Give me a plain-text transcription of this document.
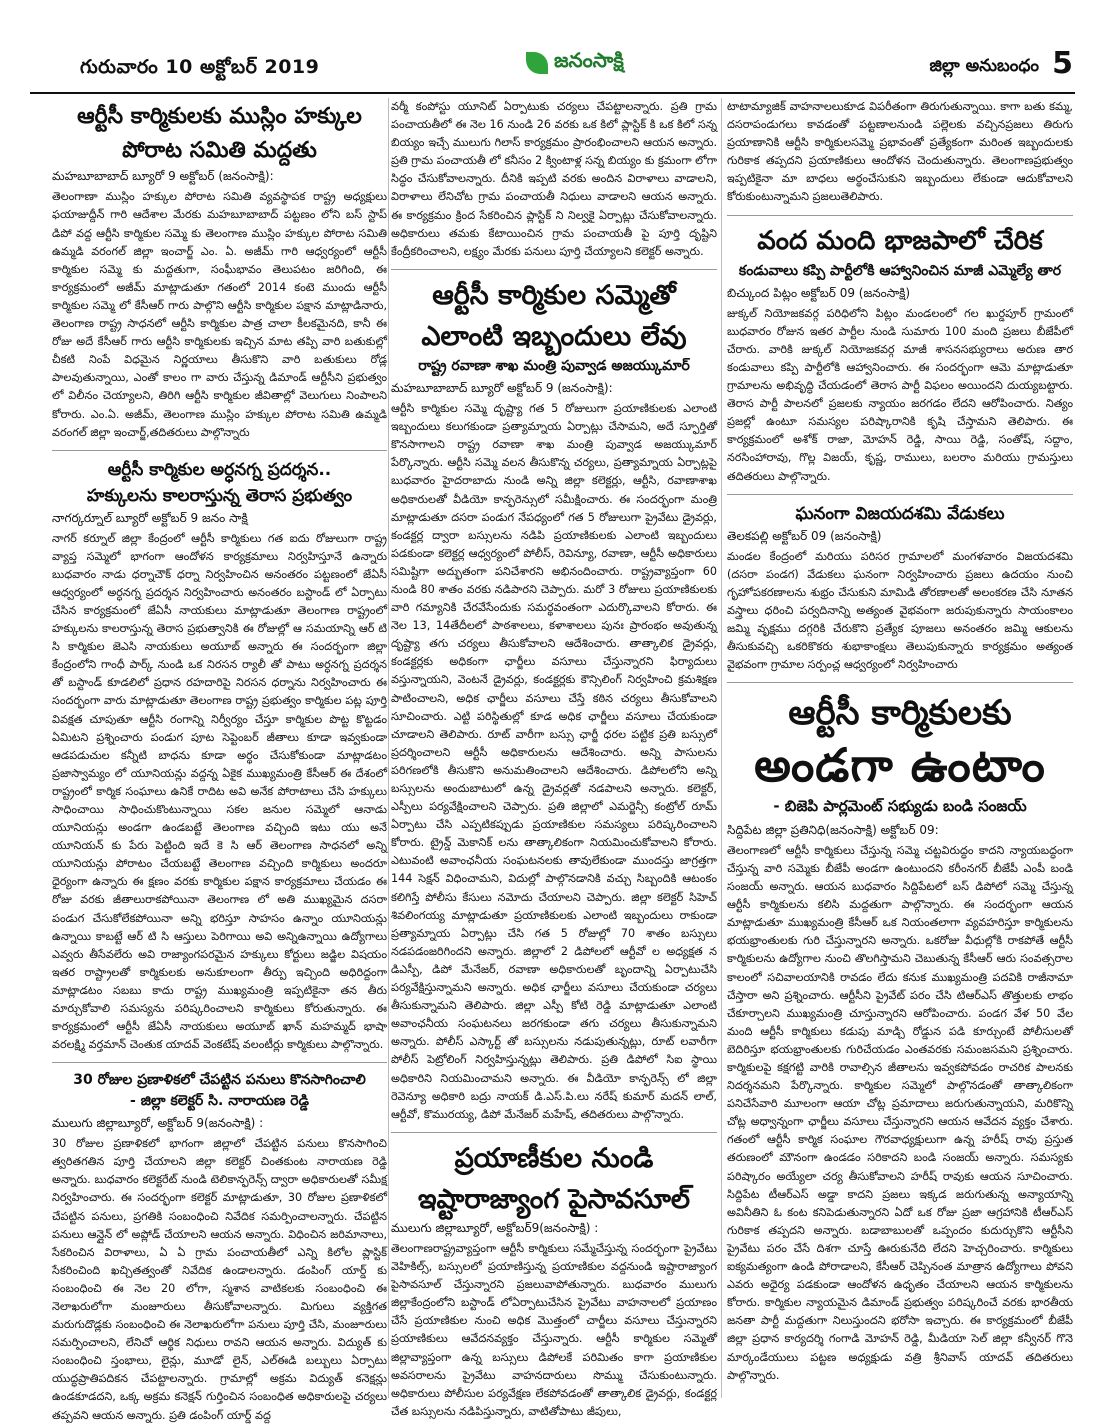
గురువారం 10 అక్టోబర్ 2019	జనంసాక్షి	జిల్లా అనుబంధం 5
ఆర్టీసీ కార్మికులకు ముస్లిం హక్కుల
పోరాట సమితి మద్దతు
మహబూబాబాద్ బ్యూరో 9 అక్టోబర్ (జనంసాక్షి):

తెలంగాణా ముస్లిం హక్కుల పోరాట సమితి వ్యవస్థాపక రాష్ట్ర అధ్యక్షులు ఫయాజుద్దీన్ గారి ఆదేశాల మేరకు మహబూబాబాద్ పట్టణం లోని బస్ స్టాప్ డిపో వద్ద ఆర్టీసి కార్మికుల సమ్మె కు తెలంగాణ ముస్లిం హక్కుల పోరాట సమితి ఉమ్మడి వరంగల్ జిల్లా ఇంచార్జ్ ఎం. ఏ. అజీమ్ గారి ఆధ్వర్యంలో ఆర్టీసీ కార్మికుల సమ్మె కు మద్దతుగా, సంఘీభావం తెలుపటం జరిగింది, ఈ కార్యక్రమంలో అజీమ్ మాట్లాడుతూ గతంలో 2014 కంటె ముందు ఆర్టీసీ కార్మికుల సమ్మె లో కేసీఆర్ గారు పాల్గొని ఆర్టీసి కార్మికుల పక్షాన మాట్లాడినారు, తెలంగాణ రాష్ట్ర సాధనలో ఆర్టీసి కార్మికుల పాత్ర చాలా కీలకమైనది, కానీ ఈ రోజు అదే కేసీఆర్ గారు ఆర్టీసి కార్మికులకు ఇచ్చిన మాట తప్పి వారి బతుకుల్లో చీకటి నింపే విధమైన నిర్ణయాలు తీసుకొని వారి బతుకులు రోడ్ల పాలవుతున్నాయి, ఎంతో కాలం గా వారు చేస్తున్న డిమాండ్ ఆర్టీసీని ప్రభుత్వం లో విలీనం చెయ్యాలని, తిరిగి ఆర్టీసి కార్మికుల జీవితాల్లో వెలుగులు నింపాలని కోరారు. ఎం.ఏ. అజీమ్, తెలంగాణ ముస్లిం హక్కుల పోరాట సమితి ఉమ్మడి వరంగల్ జిల్లా ఇంచార్జ్,తదితరులు పాల్గొన్నారు

ఆర్టీసీ కార్మికుల అర్ధనగ్న ప్రదర్శన..
హక్కులను కాలరాస్తున్న తెరాస ప్రభుత్వం
నాగర్కర్నూల్ బ్యూరో అక్టోబర్ 9 జనం సాక్షి

నాగర్ కర్నూల్ జిల్లా కేంద్రంలో ఆర్టీసీ కార్మికులు గత ఐదు రోజులుగా రాష్ట్ర వ్యాప్త సమ్మెలో భాగంగా ఆందోళన కార్యక్రమాలు నిర్వహిస్తూనే ఉన్నారు బుధవారం నాడు ధర్నాచౌక్ ధర్నా నిర్వహించిన అనంతరం పట్టణంలో జేఏసీ ఆధ్వర్యంలో అర్ధనగ్న ప్రదర్శన నిర్వహించారు అనంతరం బస్టాండ్ లో ఏర్పాటు చేసిన కార్యక్రమంలో జేఏసీ నాయకులు మాట్లాడుతూ తెలంగాణ రాష్ట్రంలో హక్కులను కాలరాస్తున్న తెరాస ప్రభుత్వానికి ఈ రోజుల్లో ఆ సమయాన్ని ఆర్ టి సి కార్మికుల జెఎసి నాయకులు అయూబ్ అన్నారు ఈ సందర్భంగా జిల్లా కేంద్రంలోని గాంధీ పార్క్ నుండి ఒక నిరసన ర్యాలీ తో పాటు అర్ధనగ్న ప్రదర్శన తో బస్టాండ్ కూడలిలో ప్రధాన రహదారిపై నిరసన ధర్నాను నిర్వహించారు ఈ సందర్భంగా వారు మాట్లాడుతూ తెలంగాణ రాష్ట్ర ప్రభుత్వం కార్మికుల పట్ల పూర్తి వివక్షత చూపుతూ ఆర్టీసి రంగాన్ని నిర్వీర్యం చేస్తూ కార్మికుల పొట్ట కొట్టడం ఏమిటని ప్రశ్నించారు పండుగ పూట సెప్టెంబర్ జీతాలు కూడా ఇవ్వకుండా ఆడపడుచుల కన్నీటి బాధను కూడా అర్థం చేసుకోకుండా మాట్లాడటం ప్రజాస్వామ్యం లో యూనియన్లు వద్దన్న ఏకైక ముఖ్యమంత్రి కేసీఆర్ ఈ దేశంలో రాష్ట్రంలో కార్మిక సంఘాలు ఉనికే రాదిట అవి అనేక పోరాటాలు చేసి హక్కులు సాధించాయి సాధించుకొంటున్నాయి సకల జనుల సమ్మెలో ఆనాడు యూనియన్లు అండగా ఉండబట్టే తెలంగాణ వచ్చింది ఇటు యు అనే యూనియన్ కు పేరు పెట్టింది ఇదే కె సి ఆర్ తెలంగాణ సాధనలో అన్ని యూనియన్లు పోరాటం చేయబట్టే తెలంగాణ వచ్చింది కార్మికులు అందరూ ధైర్యంగా ఉన్నారు ఈ క్షణం వరకు కార్మికుల పక్షాన కార్యక్రమాలు చేయడం ఈ రోజు వరకు జీతాలురాకపోయినా తెలంగాణ లో అతి ముఖ్యమైన దసరా పండుగ చేసుకోలేకపోయినా అన్ని భరిస్తూ సాహసం ఉన్నాం యూనియన్లు ఉన్నాయి కాబట్టే ఆర్ టి సి ఆస్తులు పెరిగాయి అవి అన్నిఉన్నాయి ఉద్యోగాలు ఎవ్వరు తీసేవలేరు అవి రాజ్యాంగపరమైన హక్కులు కోర్టులు జడ్జిల విషయం ఇతర రాష్ట్రాలతో కార్మికులకు అనుకూలంగా తీర్పు ఇచ్చింది అధిరిద్దంగా మాట్లాడటం సబబు కాదు రాష్ట్ర ముఖ్యమంత్రి ఇప్పటికైనా తన తీరు మార్చుకోవాలి సమస్యను పరిష్కరించాలని కార్మికులు కోరుతున్నారు. ఈ కార్యక్రమంలో ఆర్టీసీ జేఏసీ నాయకులు అయూబ్ ఖాన్ మహమ్మద్ భాషా వరలక్ష్మి వర్తమాన్ చెంతుక యాదవ్ వెంకటేష్ వలంటీర్లు కార్మికులు పాల్గొన్నారు.

30 రోజుల ప్రణాళికలో చేపట్టిన పనులు కొనసాగించాలి
- జిల్లా కలెక్టర్ సి. నారాయణ రెడ్డి
ములుగు జిల్లాబ్యూరో, అక్టోబర్ 9(జనంసాక్షి) :

30 రోజుల ప్రణాళికలో భాగంగా జిల్లాలో చేపట్టిన పనులు కొనసాగించి త్వరితగతిన పూర్తి చేయాలని జిల్లా కలెక్టర్ చింతకుంట నారాయణ రెడ్డి అన్నారు. బుధవారం కలెక్టరేట్ నుండి టెలికాన్ఫరెన్స్ ద్వారా అధికారులతో సమీక్ష నిర్వహించారు. ఈ సందర్భంగా కలెక్టర్ మాట్లాడుతూ, 30 రోజుల ప్రణాళికలో చేపట్టిన పనులు, ప్రగతికి సంబంధించి నివేదిక సమర్పించాలన్నారు. చేపట్టిన పనులు ఆన్లైన్ లో అప్లోడ్ చేయాలని ఆయన అన్నారు. విధించిన జరిమానాలు, సేకరించిన విరాళాలు, ఏ ఏ గ్రామ పంచాయతీలో ఎన్ని కిలోల ప్లాస్టిక్ సేకరించింది ఖచ్చితత్వంతో నివేదిక ఉండాలన్నారు. డంపింగ్ యార్డ్ కు సంబంధించి ఈ నెల 20 లోగా, స్మశాన వాటికలకు సంబంధించి ఈ నెలాఖరులోగా మంజూరులు తీసుకోవాలన్నారు. మిగులు వ్యక్తిగత మరుగుదొడ్లకు సంబంధించి ఈ నెలాఖరులోగా పనులు పూర్తి చేసి, మంజూరులు సమర్పించాలని, లేనిచో ఆర్థిక నిధులు రావని ఆయన అన్నారు. విద్యుత్ కు సంబంధించి స్తంభాలు, లైన్లు, మూడో లైన్, ఎల్ఈడి బల్బులు ఏర్పాటు యుద్ధప్రాతిపదికన చేపట్టాలన్నారు. గ్రామాల్లో అక్రమ విద్యుత్ కనెక్షన్లు ఉండకూడదని, ఒక్క అక్రమ కనెక్షన్ గుర్తించిన సంబంధిత అధికారులపై చర్యలు తప్పవని ఆయన అన్నారు. ప్రతి డంపింగ్ యార్డ్ వద్ద

వర్మీ కంపోస్టు యూనిట్ ఏర్పాటుకు చర్యలు చేపట్టాలన్నారు. ప్రతి గ్రామ పంచాయతీలో ఈ నెల 16 నుండి 26 వరకు ఒక కిలో ప్లాస్టిక్ కి ఒక కిలో సన్న బియ్యం ఇచ్చే ములుగు గిలాస్ కార్యక్రమం ప్రారంభించాలని ఆయన అన్నారు. ప్రతి గ్రామ పంచాయతీ లో కనీసం 2 క్వింటాళ్ల సన్న బియ్యం కు క్రమంగా లోగా సిద్ధం చేసుకోవాలన్నారు. దీనికి ఇప్పటి వరకు అందిన విరాళాలు వాడాలని, విరాళాలు లేనిచోట గ్రామ పంచాయతీ నిధులు వాడాలని ఆయన అన్నారు. ఈ కార్యక్రమం క్రింద సేకరించిన ప్లాస్టిక్ ని నిల్వకై ఏర్పాట్లు చేసుకోవాలన్నారు. అధికారులు తమకు కేటాయించిన గ్రామ పంచాయతీ పై పూర్తి దృష్టిని కేంద్రీకరించాలని, లక్ష్యం మేరకు పనులు పూర్తి చేయ్యాలని కలెక్టర్ అన్నారు.

ఆర్టీసీ కార్మికుల సమ్మెతో
ఎలాంటి ఇబ్బందులు లేవు
రాష్ట్ర రవాణా శాఖ మంత్రి పువ్వాడ అజయ్కుమార్
మహబూబాబాద్ బ్యూరో అక్టోబర్ 9 (జనంసాక్షి):

ఆర్టీసి కార్మికుల సమ్మె దృష్ట్యా గత 5 రోజులుగా ప్రయాణికులకు ఎలాంటి ఇబ్బందులు కలుగకుండా ప్రత్యామ్నాయ ఏర్పాట్లు చేసామని, అదే స్ఫూర్తితో కొనసాగాలని రాష్ట్ర రవాణా శాఖ మంత్రి పువ్వాడ అజయ్కుమార్ పేర్కొన్నారు. ఆర్టీసి సమ్మె వలన తీసుకొన్న చర్యలు, ప్రత్యామ్నాయ ఏర్పాట్లపై బుధవారం హైదరాబాదు నుండి అన్ని జిల్లా కలెక్టర్లు, ఆర్టీసి, రవాణాశాఖ అధికారులతో వీడియో కాన్ఫరెన్సులో సమీక్షించారు. ఈ సందర్భంగా మంత్రి మాట్లాడుతూ దసరా పండుగ నేపధ్యంలో గత 5 రోజులుగా ప్రైవేటు డ్రైవర్లు, కండక్టర్ల ద్వారా బస్సులను నడిపి ప్రయాణికులకు ఎలాంటి ఇబ్బందులు పడకుండా కలెక్టర్ల ఆధ్వర్యంలో పోలీస్, రెవిన్యూ, రవాణా, ఆర్టీసీ అధికారులు సమిష్టిగా అద్భుతంగా పనిచేశారని అభినందించారు. రాష్ట్రవ్యాప్తంగా 60 నుండి 80 శాతం వరకు నడిపారని చెప్పారు. మరో 3 రోజులు ప్రయాణికులకు వారి గమ్యానికి చేరవేసేందుకు సమర్థవంతంగా ఎదుర్కొవాలని కోరారు. ఈ నెల 13, 14తేదీలలో పాఠశాలలు, కళాశాలలు పునః ప్రారంభం అవుతున్న దృష్ట్యా తగు చర్యలు తీసుకోవాలని ఆదేశించారు. తాత్కాలిక డ్రైవర్లు, కండక్టర్లకు అధికంగా ఛార్జీలు వసూలు చేస్తున్నారని ఫిర్యాదులు వస్తున్నాయని, వెంటనే డ్రైవర్లు, కండక్టర్లకు కౌన్సిలింగ్ నిర్వహించి క్రమశిక్షణ పాటించాలని, అధిక ఛార్జీలు వసూలు చేస్తే కఠిన చర్యలు తీసుకోవాలని సూచించారు. ఎట్టి పరిస్థితుల్లో కూడ అధిక ఛార్జీలు వసూలు చేయకుండా చూడాలని తెలిపారు. రూట్ వారీగా బస్సు ఛార్జీ ధరల పట్టిక ప్రతి బస్సులో ప్రదర్శించాలని ఆర్టీసీ అధికారులను ఆదేశించారు. అన్ని పాసులను పరిగణలోకి తీసుకొని అనుమతించాలని ఆదేశించారు. డిపోలలోని అన్ని బస్సులను అందుబాటులో ఉన్న డ్రైవర్లతో నడపాలని అన్నారు. కలెక్టర్, ఎస్పీలు పర్యవేక్షించాలని చెప్పారు. ప్రతి జిల్లాలో ఎమర్జెన్సీ కంట్రోల్ రూమ్ ఏర్పాటు చేసి ఎప్పటికప్పుడు ప్రయాణికుల సమస్యలు పరిష్కరించాలని కోరారు. ట్రైన్డ్ మెకానిక్ లను తాత్కాలికంగా నియమించుకోవాలని కోరారు. ఎటువంటి అవాంఛనీయ సంఘటనలకు తావులేకుండా ముందస్తు జాగ్రత్తగా 144 సెక్షన్ విధించామని, విదుల్లో పాల్గొనడానికి వచ్చు సిబ్బందికి ఆటంకం కలిగిస్తే పోలీసు కేసులు నమోదు చేయాలని చెప్పారు. జిల్లా కలెక్టర్ సిహెచ్ శివలింగయ్య మాట్లాడుతూ ప్రయాణికులకు ఎలాంటి ఇబ్బందులు రాకుండా ప్రత్యామ్నాయ ఏర్పాట్లు చేసి గత 5 రోజుల్లో 70 శాతం బస్సులు నడపడంజరిగిందని అన్నారు. జిల్లాలో 2 డిపోలలో ఆర్టీవో ల అధ్యక్షత న డిఎస్పీ, డిపో మేనేజర్, రవాణా అధికారులతో బృందాన్ని ఏర్పాటుచేసి పర్యవేక్షిస్తున్నామని అన్నారు. అధిక ఛార్జీలు వసూలు చేయకుండా చర్యలు తీసుకున్నామని తెలిపారు. జిల్లా ఎస్పీ కోటి రెడ్డి మాట్లాడుతూ ఎలాంటి అవాంఛనీయ సంఘటనలు జరగకుండా తగు చర్యలు తీసుకున్నామని అన్నారు. పోలీస్ ఎస్కార్ట్ తో బస్సులను నడుపుతున్నట్లు, రూట్ లవారీగా పోలీస్ పెట్రోలింగ్ నిర్వహిస్తున్నట్లు తెలిపారు. ప్రతి డిపోలో సిఐ స్థాయి అధికారిని నియమించామని అన్నారు. ఈ వీడియో కాన్ఫరెన్స్ లో జిల్లా రెవెన్యూ అధికారి బద్రు నాయక్ డి.ఎస్.పి.లు నరేష్ కుమార్ మదన్ లాల్, ఆర్టీవో, కొమురయ్య, డిపో మేనేజర్ మహేష్, తదితరులు పాల్గొన్నారు.

ప్రయాణీకుల నుండి
ఇష్టారాజ్యాంగ పైసావసూల్
ములుగు జిల్లాబ్యూరో, అక్టోబర్9(జనంసాక్షి) :

తెలంగాణరాష్ట్రవ్యాప్తంగా ఆర్టీసీ కార్మికులు సమ్మేచేస్తున్న సందర్భంగా ప్రైవేటు వెహికిల్స్, బస్సులలో ప్రయాణిస్తున్న ప్రయాణికుల వద్దనుండి ఇష్టారాజ్యాంగ పైసావసూల్ చేస్తున్నారని ప్రజలువాపోతున్నారు. బుధవారం ములుగు జిల్లాకేంద్రంలోని బస్టాండ్ లోఏర్పాటుచేసిన ప్రైవేటు వాహనాలలో ప్రయాణం చేసే ప్రయాణికుల నుంచి అధిక మొత్తంలో చార్జీలు వసూలు చేస్తున్నారని ప్రయాణికులు ఆవేదనవ్యక్తం చేస్తున్నారు. ఆర్టీసీ కార్మికుల సమ్మెతో జిల్లావ్యాప్తంగా ఉన్న బస్సులు డిపోలకే పరిమితం కాగా ప్రయాణికుల అవసరాలను ప్రైవేటు వాహనదారులు సొమ్ము చేసుకుంటున్నారు. అధికారులు పోలీసుల పర్యవేక్షణ లేకపోవడంతో తాత్కాలిక డ్రైవర్లు, కండక్టర్ల చేత బస్సులను నడిపిస్తున్నారు, వాటితోపాటు జీపులు,

టాటామ్యాజిక్ వాహనాలలుకూడ విపరీతంగా తిరుగుతున్నాయి. కాగా బతు కమ్మ, దసరాపండుగలు కావడంతో పట్టణాలనుండి పల్లెలకు వచ్చినప్రజలు తిరుగు ప్రయాణానికి ఆర్టీసి కార్మికులసమ్మె ప్రభావంతో ప్రత్యేకంగా మరింత ఇబ్బందులకు గురికాక తప్పదని ప్రయాణికులు ఆందోళన చెందుతున్నారు. తెలంగాణప్రభుత్వం ఇప్పటికైనా మా బాధలు అర్థంచేసుకుని ఇబ్బందులు లేకుండా ఆదుకోవాలని కోరుకుంటున్నామని ప్రజలుతెలిపారు.

వంద మంది భాజపాలో చేరిక
కండువాలు కప్పి పార్టీలోకి ఆహ్వానించిన మాజీ ఎమ్మెల్యే తార
బిచ్కుంద పిట్లం అక్టోబర్ 09 (జనంసాక్షి)

జుక్కల్ నియోజకవర్గ పరిధిలోని పిట్లం మండలంలో గల ఖుర్డపూర్ గ్రామంలో బుధవారం రోజున ఇతర పార్టీల నుండి సుమారు 100 మంది ప్రజలు బీజేపీలో చేరారు. వారికి జుక్కల్ నియోజకవర్గ మాజీ శాసనసభ్యురాలు అరుణ తార కండువాలు కప్పి పార్టీలోకి ఆహ్వానించారు. ఈ సందర్భంగా ఆమె మాట్లాడుతూ గ్రామాలను అభివృద్ధి చేయడంలో తెరాస పార్టీ విఫలం అయిందని దుయ్యబట్టారు. తెరాస పార్టీ పాలనలో ప్రజలకు న్యాయం జరగడం లేదని ఆరోపించారు. నిత్యం ప్రజల్లో ఉంటూ సమస్యల పరిష్కారానికి కృషి చేస్తామని తెలిపారు. ఈ కార్యక్రమంలో అశోక్ రాజా, మోహన్ రెడ్డి, సాయి రెడ్డి, సంతోష్, సద్దాం, నరసింహారావు, గొల్ల విజయ్, కృష్ణ, రాములు, బలరాం మరియు గ్రామస్తులు తదితరులు పాల్గొన్నారు.

ఘనంగా విజయదశమి వేడుకలు
తెలకపల్లి అక్టోబర్ 09 (జనంసాక్షి)

మండల కేంద్రంలో మరియు పరిసర గ్రామాలలో మంగళవారం విజయదశమి (దసరా పండగ) వేడుకలు ఘనంగా నిర్వహించారు ప్రజలు ఉదయం నుంచి గృహోపకరణాలను శుభ్రం చేసుకుని మామిడి తోరణాలతో అలంకరణ చేసి నూతన వస్త్రాలు ధరించి పర్వదినాన్ని అత్యంత వైభవంగా జరుపుకున్నారు సాయంకాలం జమ్మి వృక్షము దగ్గరికి చేరుకొని ప్రత్యేక పూజలు అనంతరం జమ్మి ఆకులను తీసుకువచ్చి ఒకరికొకరు శుభాకాంక్షలు తెలుపుకున్నారు కార్యక్రమం అత్యంత వైభవంగా గ్రామాల సర్పంచ్ల ఆధ్వర్యంలో నిర్వహించారు

ఆర్టీసీ కార్మికులకు
అండగా ఉంటాం
- బిజెపి పార్లమెంట్ సభ్యుడు బండి సంజయ్
సిద్దిపేట జిల్లా ప్రతినిధి(జనంసాక్షి) అక్టోబర్ 09:

తెలంగాణలో ఆర్టీసీ కార్మికులు చేస్తున్న సమ్మె చట్టవిరుద్ధం కాదని న్యాయబద్ధంగా చేస్తున్న వారి సమ్మెకు బీజేపీ అండగా ఉంటుందని కరీంనగర్ బీజేపీ ఎంపీ బండి సంజయ్ అన్నారు. ఆయన బుధవారం సిద్దిపేటలో బస్ డిపోలో సమ్మె చేస్తున్న ఆర్టీసీ కార్మికులను కలిసి మద్దతుగా పాల్గొన్నారు. ఈ సందర్భంగా ఆయన మాట్లాడుతూ ముఖ్యమంత్రి కేసీఆర్ ఒక నియంతలాగా వ్యవహరిస్తూ కార్మికులను భయభ్రాంతులకు గురి చేస్తున్నారని అన్నారు. ఒకరోజు వీధుల్లోకి రాకపోతే ఆర్టీసీ కార్మికులను ఉద్యోగాల నుంచి తొలగిస్తామని చెబుతున్న కేసీఆర్ ఆరు సంవత్సరాల కాలంలో సచివాలయానికి రావడం లేదు కనుక ముఖ్యమంత్రి పదవికి రాజీనామా చేస్తారా అని ప్రశ్నించారు. ఆర్టీసీని ప్రైవేట్ పరం చేసి టిఆర్ఎస్ తొత్తులకు లాభం చేకూర్చాలని ముఖ్యమంత్రి చూస్తున్నారని ఆరోపించారు. పండగ వేళ 50 వేల మంది ఆర్టీసీ కార్మికులు కడుపు మాడ్చి రోడ్డున పడి కూర్చుంటే పోలీసులతో బెదిరిస్తూ భయభ్రాంతులకు గురిచేయడం ఎంతవరకు సమంజసమని ప్రశ్నించారు. కార్మికులపై కక్షగట్టి వారికి రావాల్సిన జీతాలను ఇవ్వకపోవడం రాచరిక పాలనకు నిదర్శనమని పేర్కొన్నారు. కార్మికుల సమ్మెలో పాల్గొనడంతో తాత్కాలికంగా పనిచేసేవారి మూలంగా ఆయా చోట్ల ప్రమాదాలు జరుగుతున్నాయని, మరికొన్ని చోట్ల అధ్వాన్నంగా ఛార్జీలు వసూలు చేస్తున్నారని ఆయన ఆవేదన వ్యక్తం చేశారు. గతంలో ఆర్టీసీ కార్మిక సంఘాల గౌరవాధ్యక్షులుగా ఉన్న హరీష్ రావు ప్రస్తుత తరుణంలో మౌనంగా ఉండడం సరికాదని బండి సంజయ్ అన్నారు. సమస్యకు పరిష్కారం అయ్యేలా చర్య తీసుకోవాలని హరీష్ రావుకు ఆయన సూచించారు. సిద్దిపేట టీఆర్ఎస్ అడ్డా కాదని ప్రజలు ఇక్కడ జరుగుతున్న అన్యాయాన్ని అవినీతిని ఓ కంట కనిపెడుతున్నారని ఏదో ఒక రోజు ప్రజా ఆగ్రహానికి టీఆర్ఎస్ గురికాక తప్పదని అన్నారు. బడాబాబులతో ఒప్పందం కుదుర్చుకొని ఆర్టీసీని ప్రైవేటు పరం చేసే దిశగా చూస్తే ఊరుకునేది లేదని హెచ్చరించారు. కార్మికులు ఐక్యమత్యంగా ఉండి పోరాడాలని, కేసీఆర్ చెప్పినంత మాత్రాన ఉద్యోగాలు పోవని ఎవరు అధైర్య పడకుండా ఆందోళన ఉధృతం చేయాలని ఆయన కార్మికులను కోరారు. కార్మికుల న్యాయమైన డిమాండ్ ప్రభుత్వం పరిష్కరించే వరకు భారతీయ జనతా పార్టీ మద్దతుగా నిలుస్తుందని భరోసా ఇచ్చారు. ఈ కార్యక్రమంలో బీజేపీ జిల్లా ప్రధాన కార్యదర్శి గంగాడి మోహన్ రెడ్డి, మీడియా సెల్ జిల్లా కన్వీనర్ గొనె మార్కండేయులు పట్టణ అధ్యక్షుడు వత్రి శ్రీనివాస్ యాదవ్ తదితరులు పాల్గొన్నారు.
